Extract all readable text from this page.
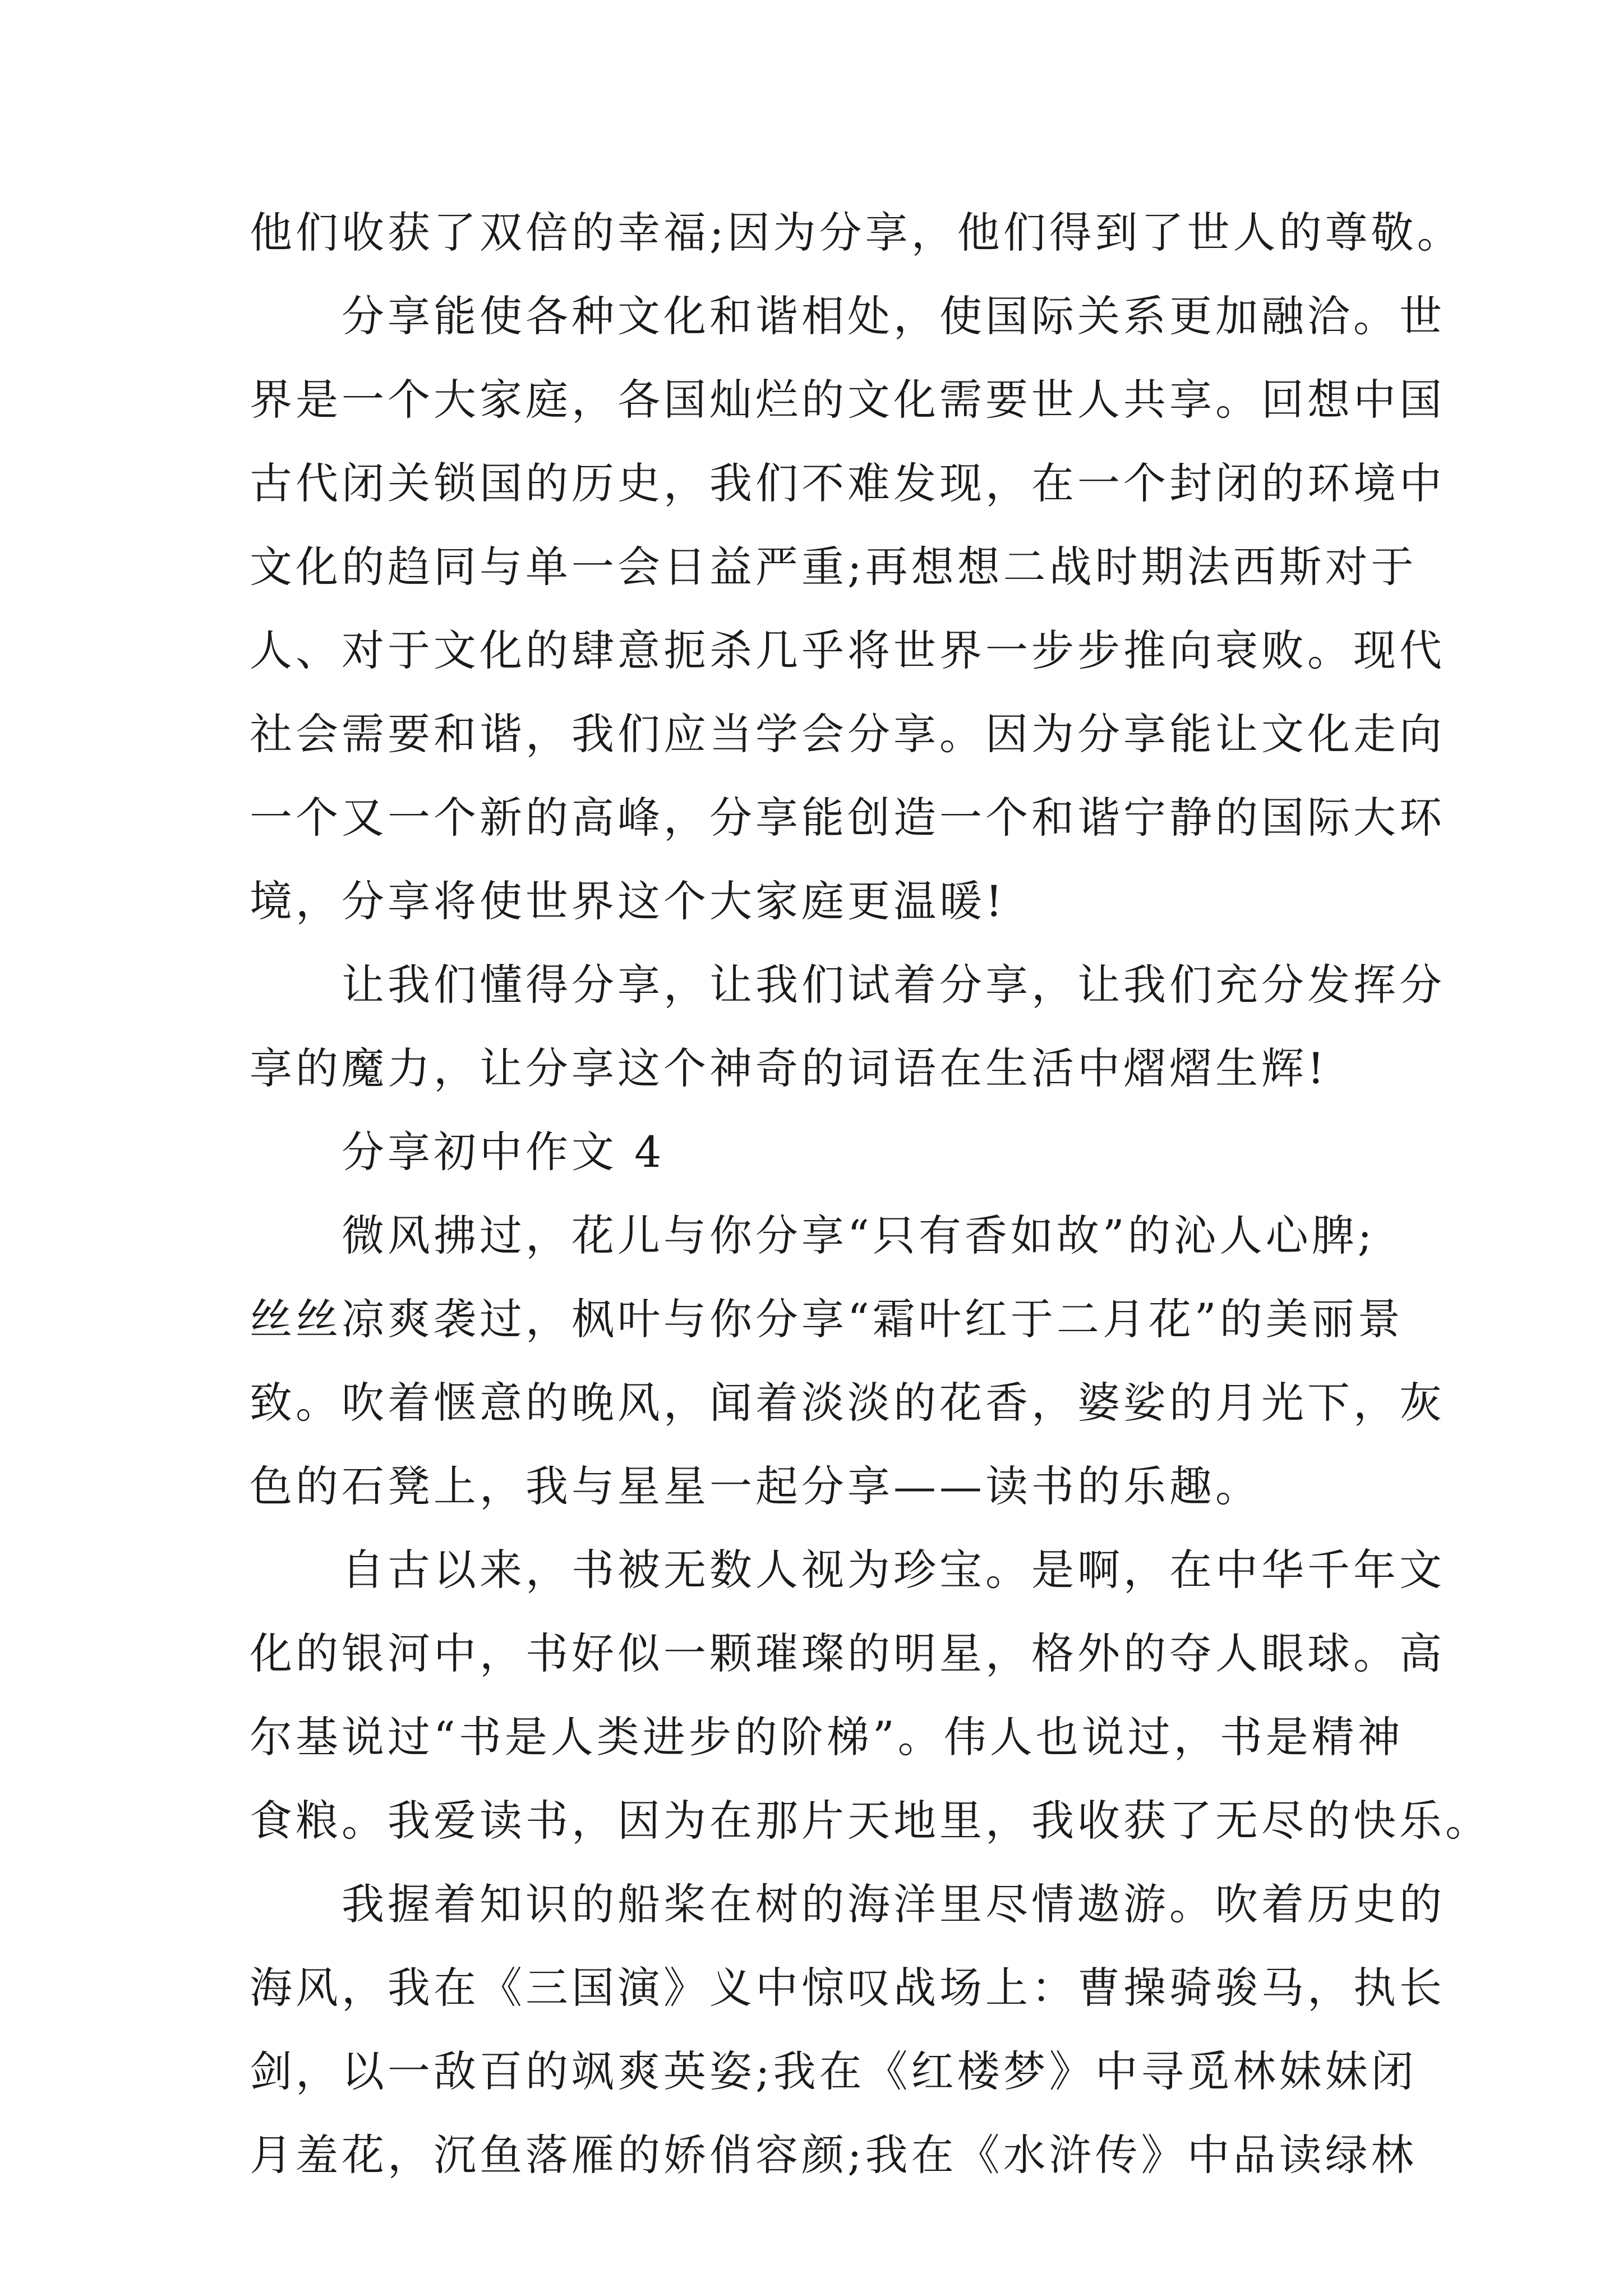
他们收获了双倍的幸福;因为分享，他们得到了世人的尊敬。
分享能使各种文化和谐相处，使国际关系更加融洽。世
界是一个大家庭，各国灿烂的文化需要世人共享。回想中国
古代闭关锁国的历史，我们不难发现，在一个封闭的环境中
文化的趋同与单一会日益严重;再想想二战时期法西斯对于
人、对于文化的肆意扼杀几乎将世界一步步推向衰败。现代
社会需要和谐，我们应当学会分享。因为分享能让文化走向
一个又一个新的高峰，分享能创造一个和谐宁静的国际大环
境，分享将使世界这个大家庭更温暖!
让我们懂得分享，让我们试着分享，让我们充分发挥分
享的魔力，让分享这个神奇的词语在生活中熠熠生辉!
分享初中作文 4
微风拂过，花儿与你分享“只有香如故”的沁人心脾;
丝丝凉爽袭过，枫叶与你分享“霜叶红于二月花”的美丽景
致。吹着惬意的晚风，闻着淡淡的花香，婆娑的月光下，灰
色的石凳上，我与星星一起分享——读书的乐趣。
自古以来，书被无数人视为珍宝。是啊，在中华千年文
化的银河中，书好似一颗璀璨的明星，格外的夺人眼球。高
尔基说过“书是人类进步的阶梯”。伟人也说过，书是精神
食粮。我爱读书，因为在那片天地里，我收获了无尽的快乐。
我握着知识的船桨在树的海洋里尽情遨游。吹着历史的
海风，我在《三国演》义中惊叹战场上：曹操骑骏马，执长
剑，以一敌百的飒爽英姿;我在《红楼梦》中寻觅林妹妹闭
月羞花，沉鱼落雁的娇俏容颜;我在《水浒传》中品读绿林
